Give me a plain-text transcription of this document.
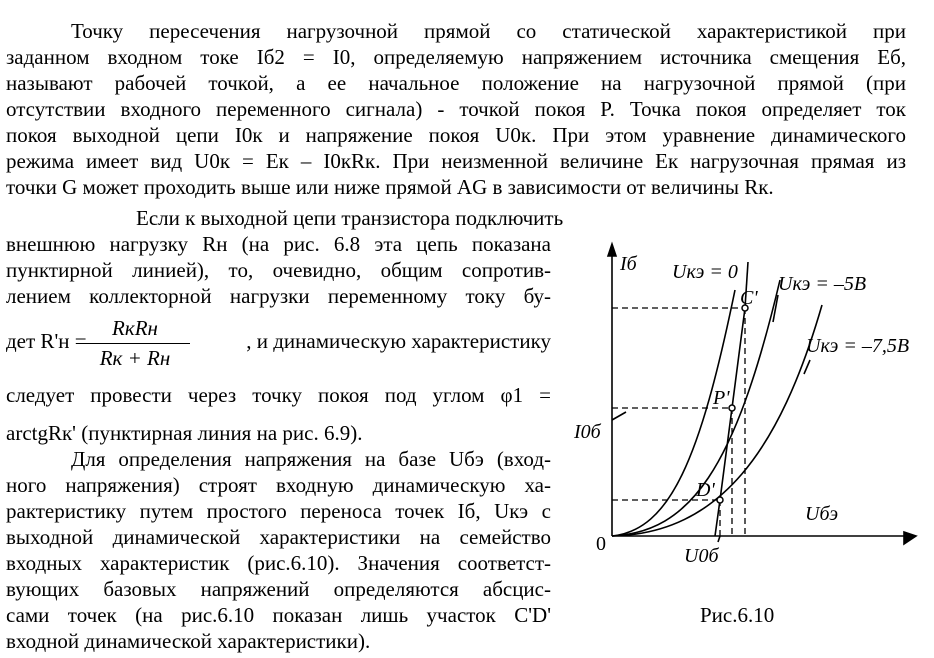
Точку пересечения нагрузочной прямой со статической характеристикой при
заданном входном токе Iб2 = I0, определяемую напряжением источника смещения Eб,
называют рабочей точкой, а ее начальное положение на нагрузочной прямой (при
отсутствии входного переменного сигнала) - точкой покоя P. Точка покоя определяет ток
покоя выходной цепи I0к и напряжение покоя U0к. При этом уравнение динамического
режима имеет вид U0к = Eк – I0кRк. При неизменной величине Eк нагрузочная прямая из
точки G может проходить выше или ниже прямой AG в зависимости от величины Rк.
Если к выходной цепи транзистора подключить
внешнюю нагрузку Rн (на рис. 6.8 эта цепь показана
пунктирной линией), то, очевидно, общим сопротив-
лением коллекторной нагрузки переменному току бу-
дет R'н =
RкRн
Rк + Rн
, и динамическую характеристику
следует провести через точку покоя под углом φ1 =
arctgRк' (пунктирная линия на рис. 6.9).
Для определения напряжения на базе Uбэ (вход-
ного напряжения) строят входную динамическую ха-
рактеристику путем простого переноса точек Iб, Uкэ с
выходной динамической характеристики на семейство
входных характеристик (рис.6.10). Значения соответст-
вующих базовых напряжений определяются абсцис-
сами точек (на рис.6.10 показан лишь участок C'D'
входной динамической характеристики).
Iб
Uбэ
0
Uкэ = 0
Uкэ = –5B
Uкэ = –7,5B
C'
P'
D'
I0б
U0б
Рис.6.10
